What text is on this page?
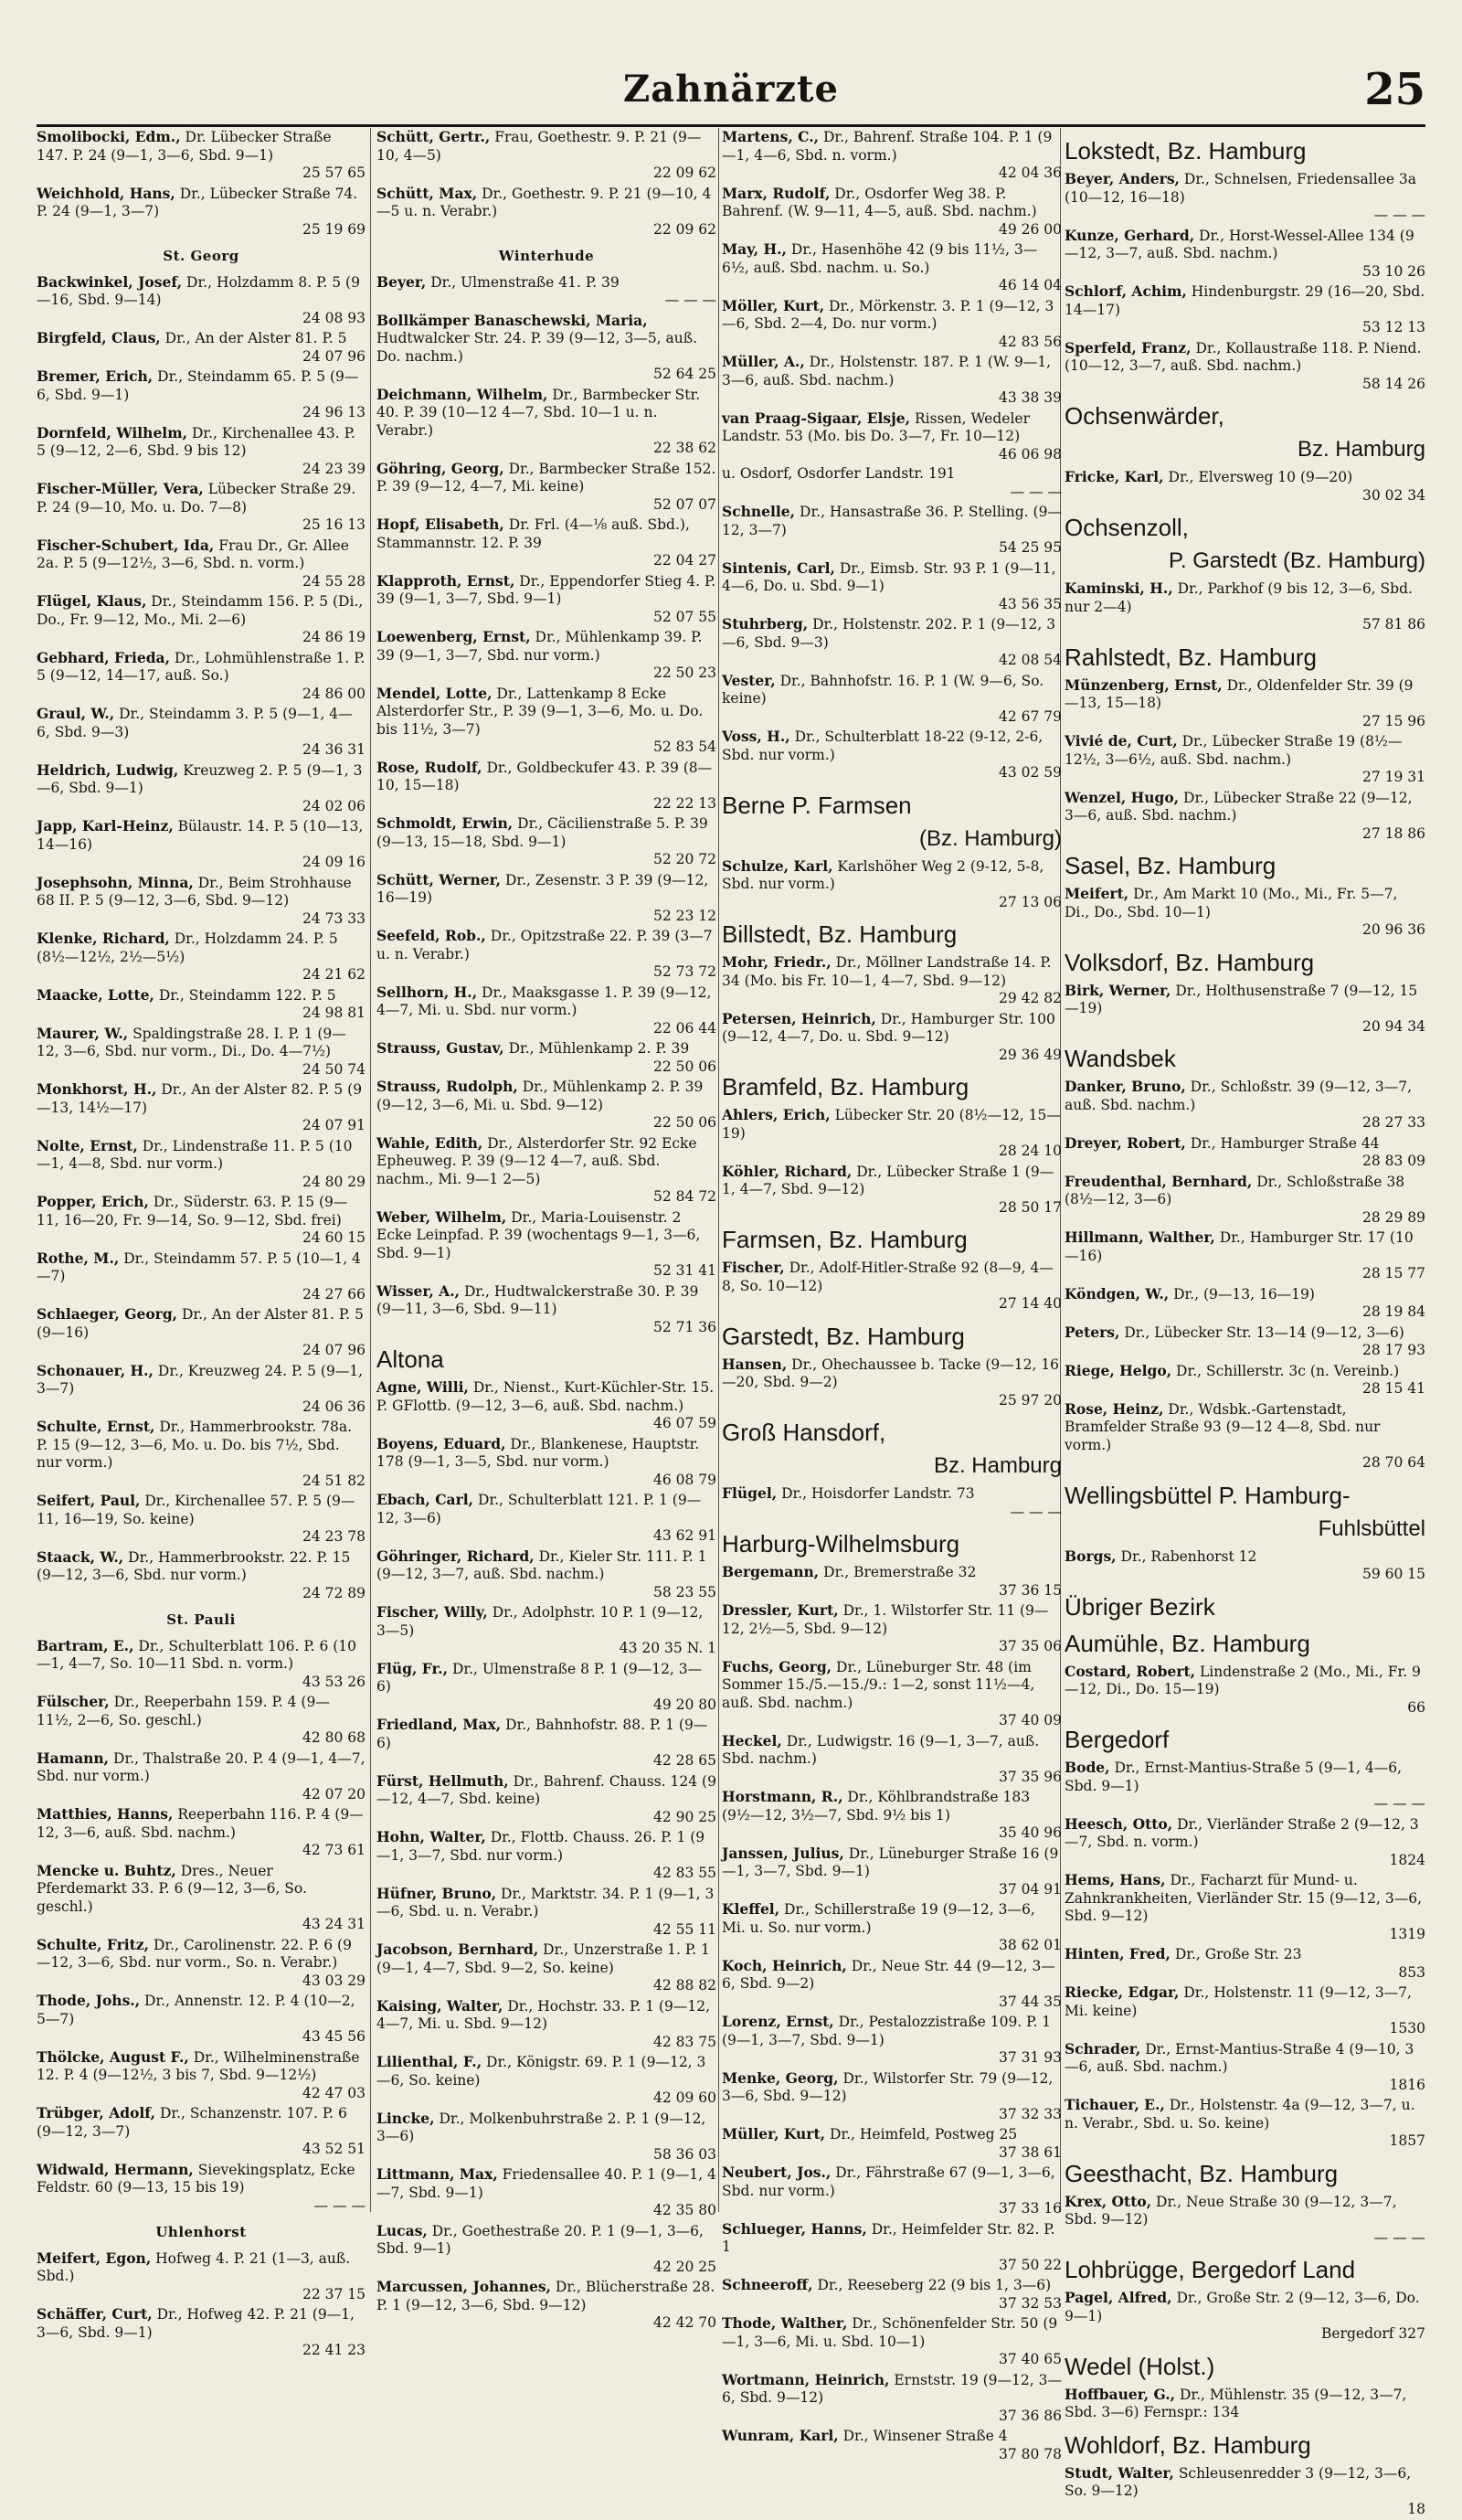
Zahnärzte	25
Smolibocki, Edm., Dr. Lübecker Straße 147. P. 24 (9—1, 3—6, Sbd. 9—1)
25 57 65
Weichhold, Hans, Dr., Lübecker Straße 74. P. 24 (9—1, 3—7)
25 19 69
St. Georg
Backwinkel, Josef, Dr., Holzdamm 8. P. 5 (9—16, Sbd. 9—14)
24 08 93
Birgfeld, Claus, Dr., An der Alster 81. P. 5
24 07 96
Bremer, Erich, Dr., Steindamm 65. P. 5 (9—6, Sbd. 9—1)
24 96 13
Dornfeld, Wilhelm, Dr., Kirchenallee 43. P. 5 (9—12, 2—6, Sbd. 9 bis 12)
24 23 39
Fischer-Müller, Vera, Lübecker Straße 29. P. 24 (9—10, Mo. u. Do. 7—8)
25 16 13
Fischer-Schubert, Ida, Frau Dr., Gr. Allee 2a. P. 5 (9—12½, 3—6, Sbd. n. vorm.)
24 55 28
Flügel, Klaus, Dr., Steindamm 156. P. 5 (Di., Do., Fr. 9—12, Mo., Mi. 2—6)
24 86 19
Gebhard, Frieda, Dr., Lohmühlenstraße 1. P. 5 (9—12, 14—17, auß. So.)
24 86 00
Graul, W., Dr., Steindamm 3. P. 5 (9—1, 4—6, Sbd. 9—3)
24 36 31
Heldrich, Ludwig, Kreuzweg 2. P. 5 (9—1, 3—6, Sbd. 9—1)
24 02 06
Japp, Karl-Heinz, Bülaustr. 14. P. 5 (10—13, 14—16)
24 09 16
Josephsohn, Minna, Dr., Beim Strohhause 68 II. P. 5 (9—12, 3—6, Sbd. 9—12)
24 73 33
Klenke, Richard, Dr., Holzdamm 24. P. 5 (8½—12½, 2½—5½)
24 21 62
Maacke, Lotte, Dr., Steindamm 122. P. 5
24 98 81
Maurer, W., Spaldingstraße 28. I. P. 1 (9—12, 3—6, Sbd. nur vorm., Di., Do. 4—7½)
24 50 74
Monkhorst, H., Dr., An der Alster 82. P. 5 (9—13, 14½—17)
24 07 91
Nolte, Ernst, Dr., Lindenstraße 11. P. 5 (10—1, 4—8, Sbd. nur vorm.)
24 80 29
Popper, Erich, Dr., Süderstr. 63. P. 15 (9—11, 16—20, Fr. 9—14, So. 9—12, Sbd. frei)
24 60 15
Rothe, M., Dr., Steindamm 57. P. 5 (10—1, 4—7)
24 27 66
Schlaeger, Georg, Dr., An der Alster 81. P. 5 (9—16)
24 07 96
Schonauer, H., Dr., Kreuzweg 24. P. 5 (9—1, 3—7)
24 06 36
Schulte, Ernst, Dr., Hammerbrookstr. 78a. P. 15 (9—12, 3—6, Mo. u. Do. bis 7½, Sbd. nur vorm.)
24 51 82
Seifert, Paul, Dr., Kirchenallee 57. P. 5 (9—11, 16—19, So. keine)
24 23 78
Staack, W., Dr., Hammerbrookstr. 22. P. 15 (9—12, 3—6, Sbd. nur vorm.)
24 72 89
St. Pauli
Bartram, E., Dr., Schulterblatt 106. P. 6 (10—1, 4—7, So. 10—11 Sbd. n. vorm.)
43 53 26
Fülscher, Dr., Reeperbahn 159. P. 4 (9—11½, 2—6, So. geschl.)
42 80 68
Hamann, Dr., Thalstraße 20. P. 4 (9—1, 4—7, Sbd. nur vorm.)
42 07 20
Matthies, Hanns, Reeperbahn 116. P. 4 (9—12, 3—6, auß. Sbd. nachm.)
42 73 61
Mencke u. Buhtz, Dres., Neuer Pferdemarkt 33. P. 6 (9—12, 3—6, So. geschl.)
43 24 31
Schulte, Fritz, Dr., Carolinenstr. 22. P. 6 (9—12, 3—6, Sbd. nur vorm., So. n. Verabr.)
43 03 29
Thode, Johs., Dr., Annenstr. 12. P. 4 (10—2, 5—7)
43 45 56
Thölcke, August F., Dr., Wilhelminenstraße 12. P. 4 (9—12½, 3 bis 7, Sbd. 9—12½)
42 47 03
Trübger, Adolf, Dr., Schanzenstr. 107. P. 6 (9—12, 3—7)
43 52 51
Widwald, Hermann, Sievekingsplatz, Ecke Feldstr. 60 (9—13, 15 bis 19)
— — —
Uhlenhorst
Meifert, Egon, Hofweg 4. P. 21 (1—3, auß. Sbd.)
22 37 15
Schäffer, Curt, Dr., Hofweg 42. P. 21 (9—1, 3—6, Sbd. 9—1)
22 41 23
Schütt, Gertr., Frau, Goethestr. 9. P. 21 (9—10, 4—5)
22 09 62
Schütt, Max, Dr., Goethestr. 9. P. 21 (9—10, 4—5 u. n. Verabr.)
22 09 62
Winterhude
Beyer, Dr., Ulmenstraße 41. P. 39
— — —
Bollkämper Banaschewski, Maria, Hudtwalcker Str. 24. P. 39 (9—12, 3—5, auß. Do. nachm.)
52 64 25
Deichmann, Wilhelm, Dr., Barmbecker Str. 40. P. 39 (10—12 4—7, Sbd. 10—1 u. n. Verabr.)
22 38 62
Göhring, Georg, Dr., Barmbecker Straße 152. P. 39 (9—12, 4—7, Mi. keine)
52 07 07
Hopf, Elisabeth, Dr. Frl. (4—⅛ auß. Sbd.), Stammannstr. 12. P. 39
22 04 27
Klapproth, Ernst, Dr., Eppendorfer Stieg 4. P. 39 (9—1, 3—7, Sbd. 9—1)
52 07 55
Loewenberg, Ernst, Dr., Mühlenkamp 39. P. 39 (9—1, 3—7, Sbd. nur vorm.)
22 50 23
Mendel, Lotte, Dr., Lattenkamp 8 Ecke Alsterdorfer Str., P. 39 (9—1, 3—6, Mo. u. Do. bis 11½, 3—7)
52 83 54
Rose, Rudolf, Dr., Goldbeckufer 43. P. 39 (8—10, 15—18)
22 22 13
Schmoldt, Erwin, Dr., Cäcilienstraße 5. P. 39 (9—13, 15—18, Sbd. 9—1)
52 20 72
Schütt, Werner, Dr., Zesenstr. 3 P. 39 (9—12, 16—19)
52 23 12
Seefeld, Rob., Dr., Opitzstraße 22. P. 39 (3—7 u. n. Verabr.)
52 73 72
Sellhorn, H., Dr., Maaksgasse 1. P. 39 (9—12, 4—7, Mi. u. Sbd. nur vorm.)
22 06 44
Strauss, Gustav, Dr., Mühlenkamp 2. P. 39
22 50 06
Strauss, Rudolph, Dr., Mühlenkamp 2. P. 39 (9—12, 3—6, Mi. u. Sbd. 9—12)
22 50 06
Wahle, Edith, Dr., Alsterdorfer Str. 92 Ecke Epheuweg. P. 39 (9—12 4—7, auß. Sbd. nachm., Mi. 9—1 2—5)
52 84 72
Weber, Wilhelm, Dr., Maria-Louisenstr. 2 Ecke Leinpfad. P. 39 (wochentags 9—1, 3—6, Sbd. 9—1)
52 31 41
Wisser, A., Dr., Hudtwalckerstraße 30. P. 39 (9—11, 3—6, Sbd. 9—11)
52 71 36
Altona
Agne, Willi, Dr., Nienst., Kurt-Küchler-Str. 15. P. GFlottb. (9—12, 3—6, auß. Sbd. nachm.)
46 07 59
Boyens, Eduard, Dr., Blankenese, Hauptstr. 178 (9—1, 3—5, Sbd. nur vorm.)
46 08 79
Ebach, Carl, Dr., Schulterblatt 121. P. 1 (9—12, 3—6)
43 62 91
Göhringer, Richard, Dr., Kieler Str. 111. P. 1 (9—12, 3—7, auß. Sbd. nachm.)
58 23 55
Fischer, Willy, Dr., Adolphstr. 10 P. 1 (9—12, 3—5)
43 20 35 N. 1
Flüg, Fr., Dr., Ulmenstraße 8 P. 1 (9—12, 3—6)
49 20 80
Friedland, Max, Dr., Bahnhofstr. 88. P. 1 (9—6)
42 28 65
Fürst, Hellmuth, Dr., Bahrenf. Chauss. 124 (9—12, 4—7, Sbd. keine)
42 90 25
Hohn, Walter, Dr., Flottb. Chauss. 26. P. 1 (9—1, 3—7, Sbd. nur vorm.)
42 83 55
Hüfner, Bruno, Dr., Marktstr. 34. P. 1 (9—1, 3—6, Sbd. u. n. Verabr.)
42 55 11
Jacobson, Bernhard, Dr., Unzerstraße 1. P. 1 (9—1, 4—7, Sbd. 9—2, So. keine)
42 88 82
Kaising, Walter, Dr., Hochstr. 33. P. 1 (9—12, 4—7, Mi. u. Sbd. 9—12)
42 83 75
Lilienthal, F., Dr., Königstr. 69. P. 1 (9—12, 3—6, So. keine)
42 09 60
Lincke, Dr., Molkenbuhrstraße 2. P. 1 (9—12, 3—6)
58 36 03
Littmann, Max, Friedensallee 40. P. 1 (9—1, 4—7, Sbd. 9—1)
42 35 80
Lucas, Dr., Goethestraße 20. P. 1 (9—1, 3—6, Sbd. 9—1)
42 20 25
Marcussen, Johannes, Dr., Blücherstraße 28. P. 1 (9—12, 3—6, Sbd. 9—12)
42 42 70
Martens, C., Dr., Bahrenf. Straße 104. P. 1 (9—1, 4—6, Sbd. n. vorm.)
42 04 36
Marx, Rudolf, Dr., Osdorfer Weg 38. P. Bahrenf. (W. 9—11, 4—5, auß. Sbd. nachm.)
49 26 00
May, H., Dr., Hasenhöhe 42 (9 bis 11½, 3—6½, auß. Sbd. nachm. u. So.)
46 14 04
Möller, Kurt, Dr., Mörkenstr. 3. P. 1 (9—12, 3—6, Sbd. 2—4, Do. nur vorm.)
42 83 56
Müller, A., Dr., Holstenstr. 187. P. 1 (W. 9—1, 3—6, auß. Sbd. nachm.)
43 38 39
van Praag-Sigaar, Elsje, Rissen, Wedeler Landstr. 53 (Mo. bis Do. 3—7, Fr. 10—12)
46 06 98
u. Osdorf, Osdorfer Landstr. 191
— — —
Schnelle, Dr., Hansastraße 36. P. Stelling. (9—12, 3—7)
54 25 95
Sintenis, Carl, Dr., Eimsb. Str. 93 P. 1 (9—11, 4—6, Do. u. Sbd. 9—1)
43 56 35
Stuhrberg, Dr., Holstenstr. 202. P. 1 (9—12, 3—6, Sbd. 9—3)
42 08 54
Vester, Dr., Bahnhofstr. 16. P. 1 (W. 9—6, So. keine)
42 67 79
Voss, H., Dr., Schulterblatt 18-22 (9-12, 2-6, Sbd. nur vorm.)
43 02 59
Berne P. Farmsen
(Bz. Hamburg)
Schulze, Karl, Karlshöher Weg 2 (9-12, 5-8, Sbd. nur vorm.)
27 13 06
Billstedt, Bz. Hamburg
Mohr, Friedr., Dr., Möllner Landstraße 14. P. 34 (Mo. bis Fr. 10—1, 4—7, Sbd. 9—12)
29 42 82
Petersen, Heinrich, Dr., Hamburger Str. 100 (9—12, 4—7, Do. u. Sbd. 9—12)
29 36 49
Bramfeld, Bz. Hamburg
Ahlers, Erich, Lübecker Str. 20 (8½—12, 15—19)
28 24 10
Köhler, Richard, Dr., Lübecker Straße 1 (9—1, 4—7, Sbd. 9—12)
28 50 17
Farmsen, Bz. Hamburg
Fischer, Dr., Adolf-Hitler-Straße 92 (8—9, 4—8, So. 10—12)
27 14 40
Garstedt, Bz. Hamburg
Hansen, Dr., Ohechaussee b. Tacke (9—12, 16—20, Sbd. 9—2)
25 97 20
Groß Hansdorf,
Bz. Hamburg
Flügel, Dr., Hoisdorfer Landstr. 73
— — —
Harburg-Wilhelmsburg
Bergemann, Dr., Bremerstraße 32
37 36 15
Dressler, Kurt, Dr., 1. Wilstorfer Str. 11 (9—12, 2½—5, Sbd. 9—12)
37 35 06
Fuchs, Georg, Dr., Lüneburger Str. 48 (im Sommer 15./5.—15./9.: 1—2, sonst 11½—4, auß. Sbd. nachm.)
37 40 09
Heckel, Dr., Ludwigstr. 16 (9—1, 3—7, auß. Sbd. nachm.)
37 35 96
Horstmann, R., Dr., Köhlbrandstraße 183 (9½—12, 3½—7, Sbd. 9½ bis 1)
35 40 96
Janssen, Julius, Dr., Lüneburger Straße 16 (9—1, 3—7, Sbd. 9—1)
37 04 91
Kleffel, Dr., Schillerstraße 19 (9—12, 3—6, Mi. u. So. nur vorm.)
38 62 01
Koch, Heinrich, Dr., Neue Str. 44 (9—12, 3—6, Sbd. 9—2)
37 44 35
Lorenz, Ernst, Dr., Pestalozzistraße 109. P. 1 (9—1, 3—7, Sbd. 9—1)
37 31 93
Menke, Georg, Dr., Wilstorfer Str. 79 (9—12, 3—6, Sbd. 9—12)
37 32 33
Müller, Kurt, Dr., Heimfeld, Postweg 25
37 38 61
Neubert, Jos., Dr., Fährstraße 67 (9—1, 3—6, Sbd. nur vorm.)
37 33 16
Schlueger, Hanns, Dr., Heimfelder Str. 82. P. 1
37 50 22
Schneeroff, Dr., Reeseberg 22 (9 bis 1, 3—6)
37 32 53
Thode, Walther, Dr., Schönenfelder Str. 50 (9—1, 3—6, Mi. u. Sbd. 10—1)
37 40 65
Wortmann, Heinrich, Ernststr. 19 (9—12, 3—6, Sbd. 9—12)
37 36 86
Wunram, Karl, Dr., Winsener Straße 4
37 80 78
Lokstedt, Bz. Hamburg
Beyer, Anders, Dr., Schnelsen, Friedensallee 3a (10—12, 16—18)
— — —
Kunze, Gerhard, Dr., Horst-Wessel-Allee 134 (9—12, 3—7, auß. Sbd. nachm.)
53 10 26
Schlorf, Achim, Hindenburgstr. 29 (16—20, Sbd. 14—17)
53 12 13
Sperfeld, Franz, Dr., Kollaustraße 118. P. Niend. (10—12, 3—7, auß. Sbd. nachm.)
58 14 26
Ochsenwärder,
Bz. Hamburg
Fricke, Karl, Dr., Elversweg 10 (9—20)
30 02 34
Ochsenzoll,
P. Garstedt (Bz. Hamburg)
Kaminski, H., Dr., Parkhof (9 bis 12, 3—6, Sbd. nur 2—4)
57 81 86
Rahlstedt, Bz. Hamburg
Münzenberg, Ernst, Dr., Oldenfelder Str. 39 (9—13, 15—18)
27 15 96
Vivié de, Curt, Dr., Lübecker Straße 19 (8½—12½, 3—6½, auß. Sbd. nachm.)
27 19 31
Wenzel, Hugo, Dr., Lübecker Straße 22 (9—12, 3—6, auß. Sbd. nachm.)
27 18 86
Sasel, Bz. Hamburg
Meifert, Dr., Am Markt 10 (Mo., Mi., Fr. 5—7, Di., Do., Sbd. 10—1)
20 96 36
Volksdorf, Bz. Hamburg
Birk, Werner, Dr., Holthusenstraße 7 (9—12, 15—19)
20 94 34
Wandsbek
Danker, Bruno, Dr., Schloßstr. 39 (9—12, 3—7, auß. Sbd. nachm.)
28 27 33
Dreyer, Robert, Dr., Hamburger Straße 44
28 83 09
Freudenthal, Bernhard, Dr., Schloßstraße 38 (8½—12, 3—6)
28 29 89
Hillmann, Walther, Dr., Hamburger Str. 17 (10—16)
28 15 77
Köndgen, W., Dr., (9—13, 16—19)
28 19 84
Peters, Dr., Lübecker Str. 13—14 (9—12, 3—6)
28 17 93
Riege, Helgo, Dr., Schillerstr. 3c (n. Vereinb.)
28 15 41
Rose, Heinz, Dr., Wdsbk.-Gartenstadt, Bramfelder Straße 93 (9—12 4—8, Sbd. nur vorm.)
28 70 64
Wellingsbüttel P. Hamburg-
Fuhlsbüttel
Borgs, Dr., Rabenhorst 12
59 60 15
Übriger Bezirk
Aumühle, Bz. Hamburg
Costard, Robert, Lindenstraße 2 (Mo., Mi., Fr. 9—12, Di., Do. 15—19)
66
Bergedorf
Bode, Dr., Ernst-Mantius-Straße 5 (9—1, 4—6, Sbd. 9—1)
— — —
Heesch, Otto, Dr., Vierländer Straße 2 (9—12, 3—7, Sbd. n. vorm.)
1824
Hems, Hans, Dr., Facharzt für Mund- u. Zahnkrankheiten, Vierländer Str. 15 (9—12, 3—6, Sbd. 9—12)
1319
Hinten, Fred, Dr., Große Str. 23
853
Riecke, Edgar, Dr., Holstenstr. 11 (9—12, 3—7, Mi. keine)
1530
Schrader, Dr., Ernst-Mantius-Straße 4 (9—10, 3—6, auß. Sbd. nachm.)
1816
Tichauer, E., Dr., Holstenstr. 4a (9—12, 3—7, u. n. Verabr., Sbd. u. So. keine)
1857
Geesthacht, Bz. Hamburg
Krex, Otto, Dr., Neue Straße 30 (9—12, 3—7, Sbd. 9—12)
— — —
Lohbrügge, Bergedorf Land
Pagel, Alfred, Dr., Große Str. 2 (9—12, 3—6, Do. 9—1)
Bergedorf 327
Wedel (Holst.)
Hoffbauer, G., Dr., Mühlenstr. 35 (9—12, 3—7, Sbd. 3—6) Fernspr.: 134
Wohldorf, Bz. Hamburg
Studt, Walter, Schleusenredder 3 (9—12, 3—6, So. 9—12)
18
